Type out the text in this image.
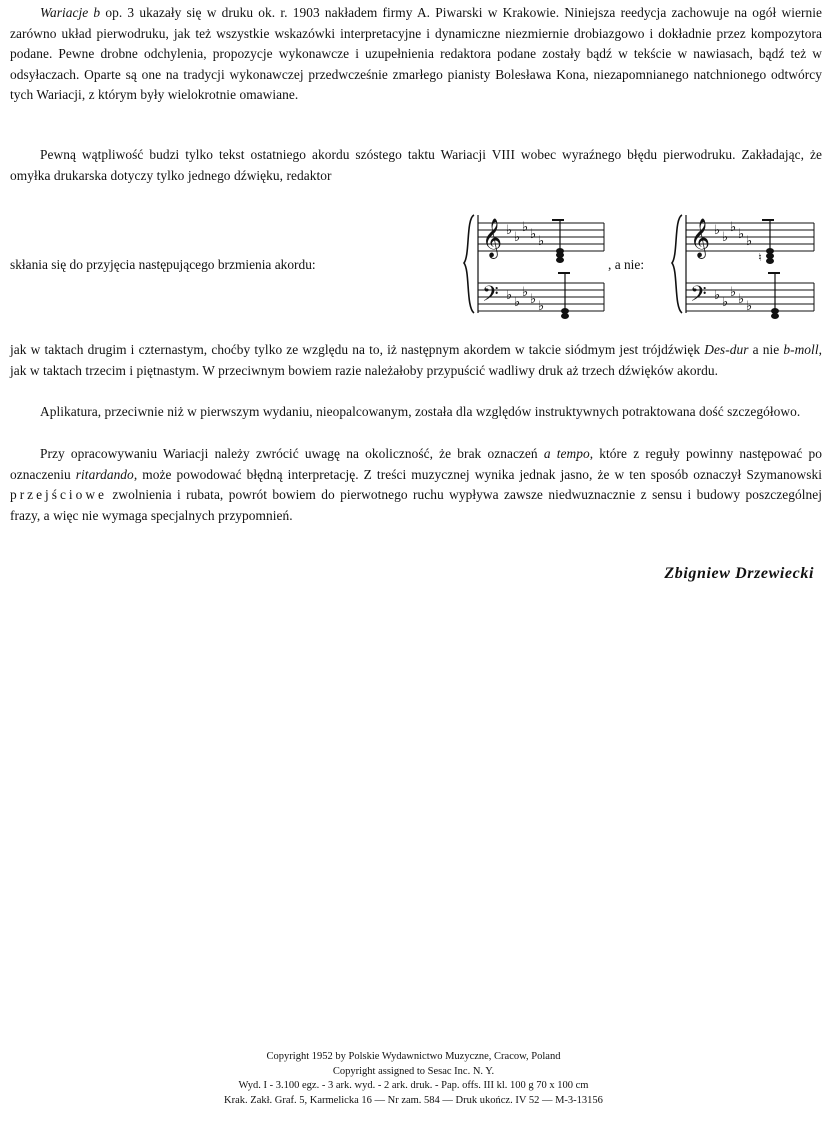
Wariacje b op. 3 ukazały się w druku ok. r. 1903 nakładem firmy A. Piwarski w Krakowie. Niniejsza reedycja zachowuje na ogół wiernie zarówno układ pierwodruku, jak też wszystkie wskazówki interpretacyjne i dynamiczne niezmiernie drobiazgowo i dokładnie przez kompozytora podane. Pewne drobne odchylenia, propozycje wykonawcze i uzupełnienia redaktora podane zostały bądź w tekście w nawiasach, bądź też w odsyłaczach. Oparte są one na tradycji wykonawczej przedwcześnie zmarłego pianisty Bolesława Kona, niezapomnianego natchnionego odtwórcy tych Wariacji, z którym były wielokrotnie omawiane.

Pewną wątpliwość budzi tylko tekst ostatniego akordu szóstego taktu Wariacji VIII wobec wyraźnego błędu pierwodruku. Zakładając, że omyłka drukarska dotyczy tylko jednego dźwięku, redaktor

skłania się do przyjęcia następującego brzmienia akordu:
𝄞
𝄢
♭ ♭
♭ ♭ ♭
♭ ♭
♭ ♭ ♭
, a nie:
𝄞
𝄢
♭ ♭
♭ ♭ ♭
♭ ♭
♭ ♭ ♭
♮

jak w taktach drugim i czternastym, choćby tylko ze względu na to, iż następnym akordem w takcie siódmym jest trójdźwięk Des-dur a nie b-moll, jak w taktach trzecim i piętnastym. W przeciwnym bowiem razie należałoby przypuścić wadliwy druk aż trzech dźwięków akordu.

Aplikatura, przeciwnie niż w pierwszym wydaniu, nieopalcowanym, została dla względów instruktywnych potraktowana dość szczegółowo.

Przy opracowywaniu Wariacji należy zwrócić uwagę na okoliczność, że brak oznaczeń a tempo, które z reguły powinny następować po oznaczeniu ritardando, może powodować błędną interpretację. Z treści muzycznej wynika jednak jasno, że w ten sposób oznaczył Szymanowski przejściowe zwolnienia i rubata, powrót bowiem do pierwotnego ruchu wypływa zawsze niedwuznacznie z sensu i budowy poszczególnej frazy, a więc nie wymaga specjalnych przypomnień.

Zbigniew Drzewiecki
Copyright 1952 by Polskie Wydawnictwo Muzyczne, Cracow, Poland
Copyright assigned to Sesac Inc. N. Y.
Wyd. I - 3.100 egz. - 3 ark. wyd. - 2 ark. druk. - Pap. offs. III kl. 100 g 70 x 100 cm
Krak. Zakł. Graf. 5, Karmelicka 16 — Nr zam. 584 — Druk ukończ. IV 52 — M-3-13156
